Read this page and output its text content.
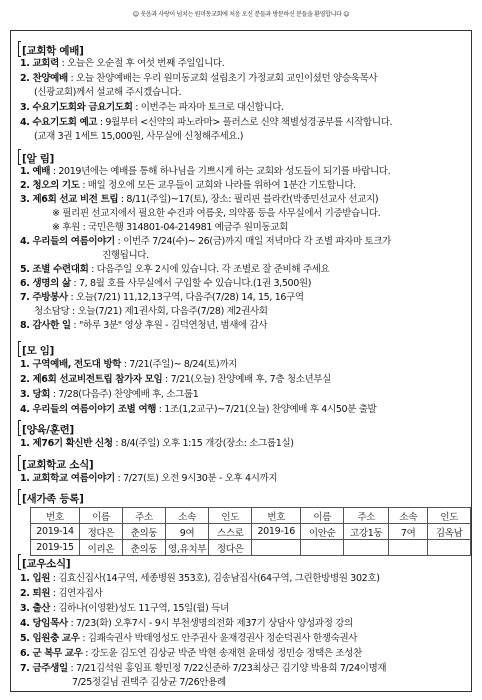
☺ 웃음과 사랑이 넘치는 원미동교회에 처음 오신 분들과 방문하신 분들을 환영합니다 ☺
[교회학 예배]
1. 교회력 : 오늘은 오순절 후 여섯 번째 주일입니다.
2. 찬양예배 : 오늘 찬양예배는 우리 원미동교회 설립초기 가정교회 교인이셨던 양승욱목사
(신광교회)께서 설교해 주시겠습니다.
3. 수요기도회와 금요기도회 : 이번주는 파자마 토크로 대신합니다.
4. 수요기도회 예고 : 9월부터 <신약의 파노라마> 플러스로 신약 책별성경공부를 시작합니다.
(교재 3권 1세트 15,000원, 사무실에 신청해주세요.)
[알 림]
1. 예배 : 2019년에는 예배를 통해 하나님을 기쁘시게 하는 교회와 성도들이 되기를 바랍니다.
2. 청오의 기도 : 매일 정오에 모든 교우들이 교회와 나라를 위하여 1분간 기도합니다.
3. 제6회 선교 비전 트립 : 8/11(주일)~17(토), 장소: 필리핀 블라칸(박종민선교사 선교지)
※ 필리핀 선교지에서 필요한 수건과 여름옷, 의약품 등을 사무실에서 기증받습니다.
※ 후원 : 국민은행 314801-04-214981 예금주 원미동교회
4. 우리들의 여름이야기 : 이번주 7/24(수)~ 26(금)까지 매일 저녁마다 각 조별 파자마 토크가
진행됩니다.
5. 조별 수련대회 : 다음주일 오후 2시에 있습니다. 각 조별로 잘 준비해 주세요
6. 생명의 삶 : 7, 8월 호를 사무실에서 구입할 수 있습니다.(1권 3,500원)
7. 주방봉사 : 오늘(7/21) 11,12,13구역, 다음주(7/28) 14, 15, 16구역
청소담당 : 오늘(7/21) 제1권사회, 다음주(7/28) 제2권사회
8. 감사한 일 : "하루 3분" 영상 후원 - 김덕연청년, 범새에 감사
[모 임]
1. 구역예배, 전도대 방학 : 7/21(주일)~ 8/24(토)까지
2. 제6회 선교비전트립 참가자 모임 : 7/21(오늘) 찬양예배 후, 7층 청소년부실
3. 당회 : 7/28(다음주) 찬양예배 후, 소그룹1
4. 우리들의 여름이야기 조별 여행 : 1조(1,2교구)~7/21(오늘) 찬양예배 후 4시50분 출발
[양육/훈련]
1. 제76기 확신반 신청 : 8/4(주일) 오후 1:15 개강(장소: 소그룹1실)
[교회학교 소식]
1. 교회학교 여름이야기 : 7/27(토) 오전 9시30분 - 오후 4시까지
[새가족 등록]
번호	이름	주소	소속	인도	번호	이름	주소	소속	인도
2019-14	정다은	춘의동	9여	스스로	2019-16	이안순	고강1동	7여	김옥남
2019-15	이리온	춘의동	영,유치부	정다은					
[교우소식]
1. 입원 : 김효신집사(14구역, 세종병원 353호), 김송남집사(64구역, 그린한방병원 302호)
2. 퇴원 : 김연자집사
3. 출산 : 김하나(이영환)성도 11구역, 15일(월) 득녀
4. 당임목사 : 7/23(화) 오후7시 - 9시 부천생명의전화 제37기 상담사 양성과정 강의
5. 임원충 교우 : 김쾌숙권사 박태영성도 안주권사 윤재경권사 정순덕권사 한쟁숙권사
6. 군 복무 교우 : 강도윤 김도연 김상균 박준 박현 송재현 윤태성 정민승 정택은 조성찬
7. 금주생일 : 7/21김석원 홍임표 황민정 7/22신준하 7/23최상근 김기양 박용희 7/24이명재
7/25정길님 권택주 김상균 7/26안용례
